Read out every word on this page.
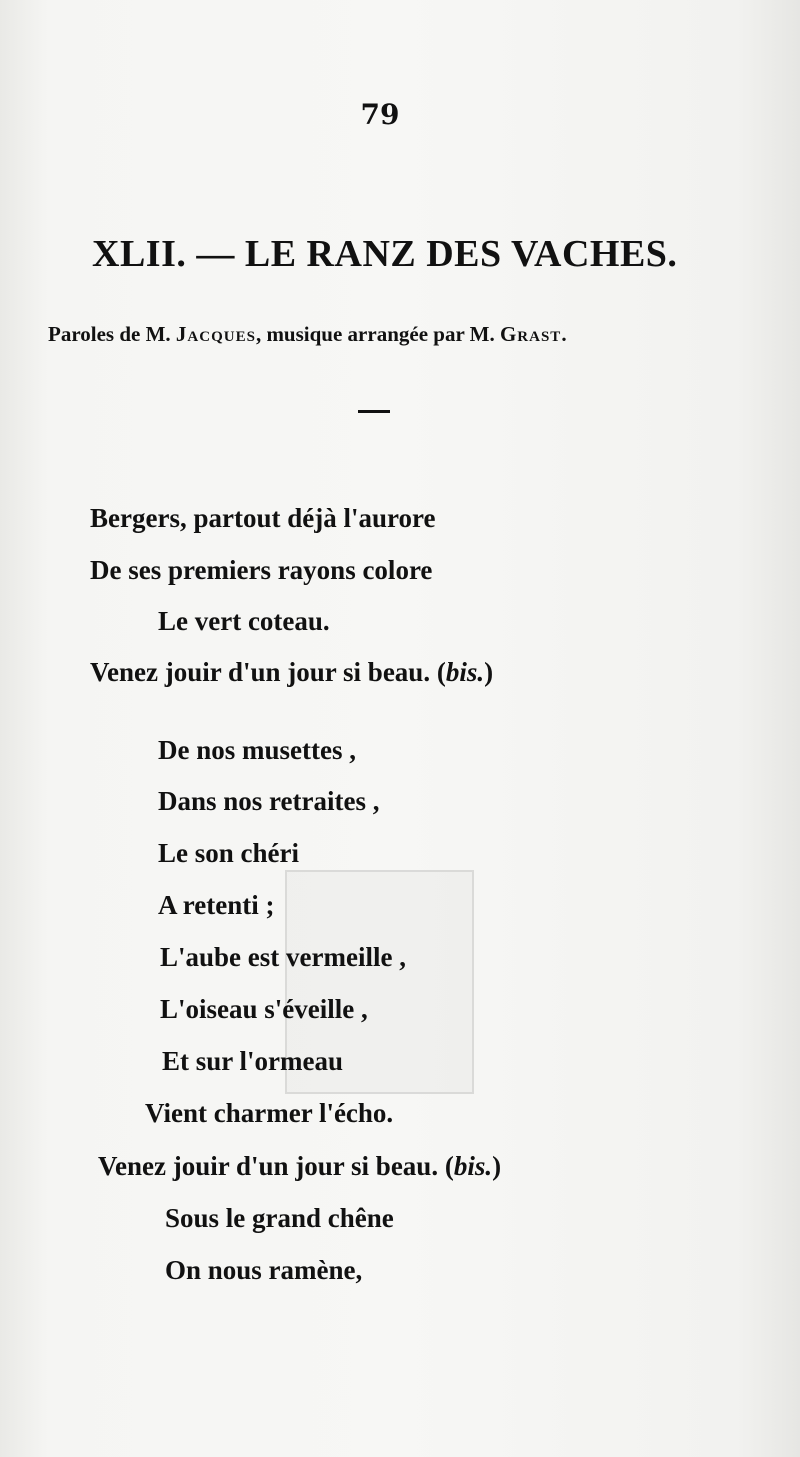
79
XLII. — LE RANZ DES VACHES.
Paroles de M. Jacques, musique arrangée par M. Grast.
Bergers, partout déjà l'aurore
De ses premiers rayons colore
Le vert coteau.
Venez jouir d'un jour si beau. (bis.)
De nos musettes ,
Dans nos retraites ,
Le son chéri
A retenti ;
L'aube est vermeille ,
L'oiseau s'éveille ,
Et sur l'ormeau
Vient charmer l'écho.
Venez jouir d'un jour si beau. (bis.)
Sous le grand chêne
On nous ramène,
